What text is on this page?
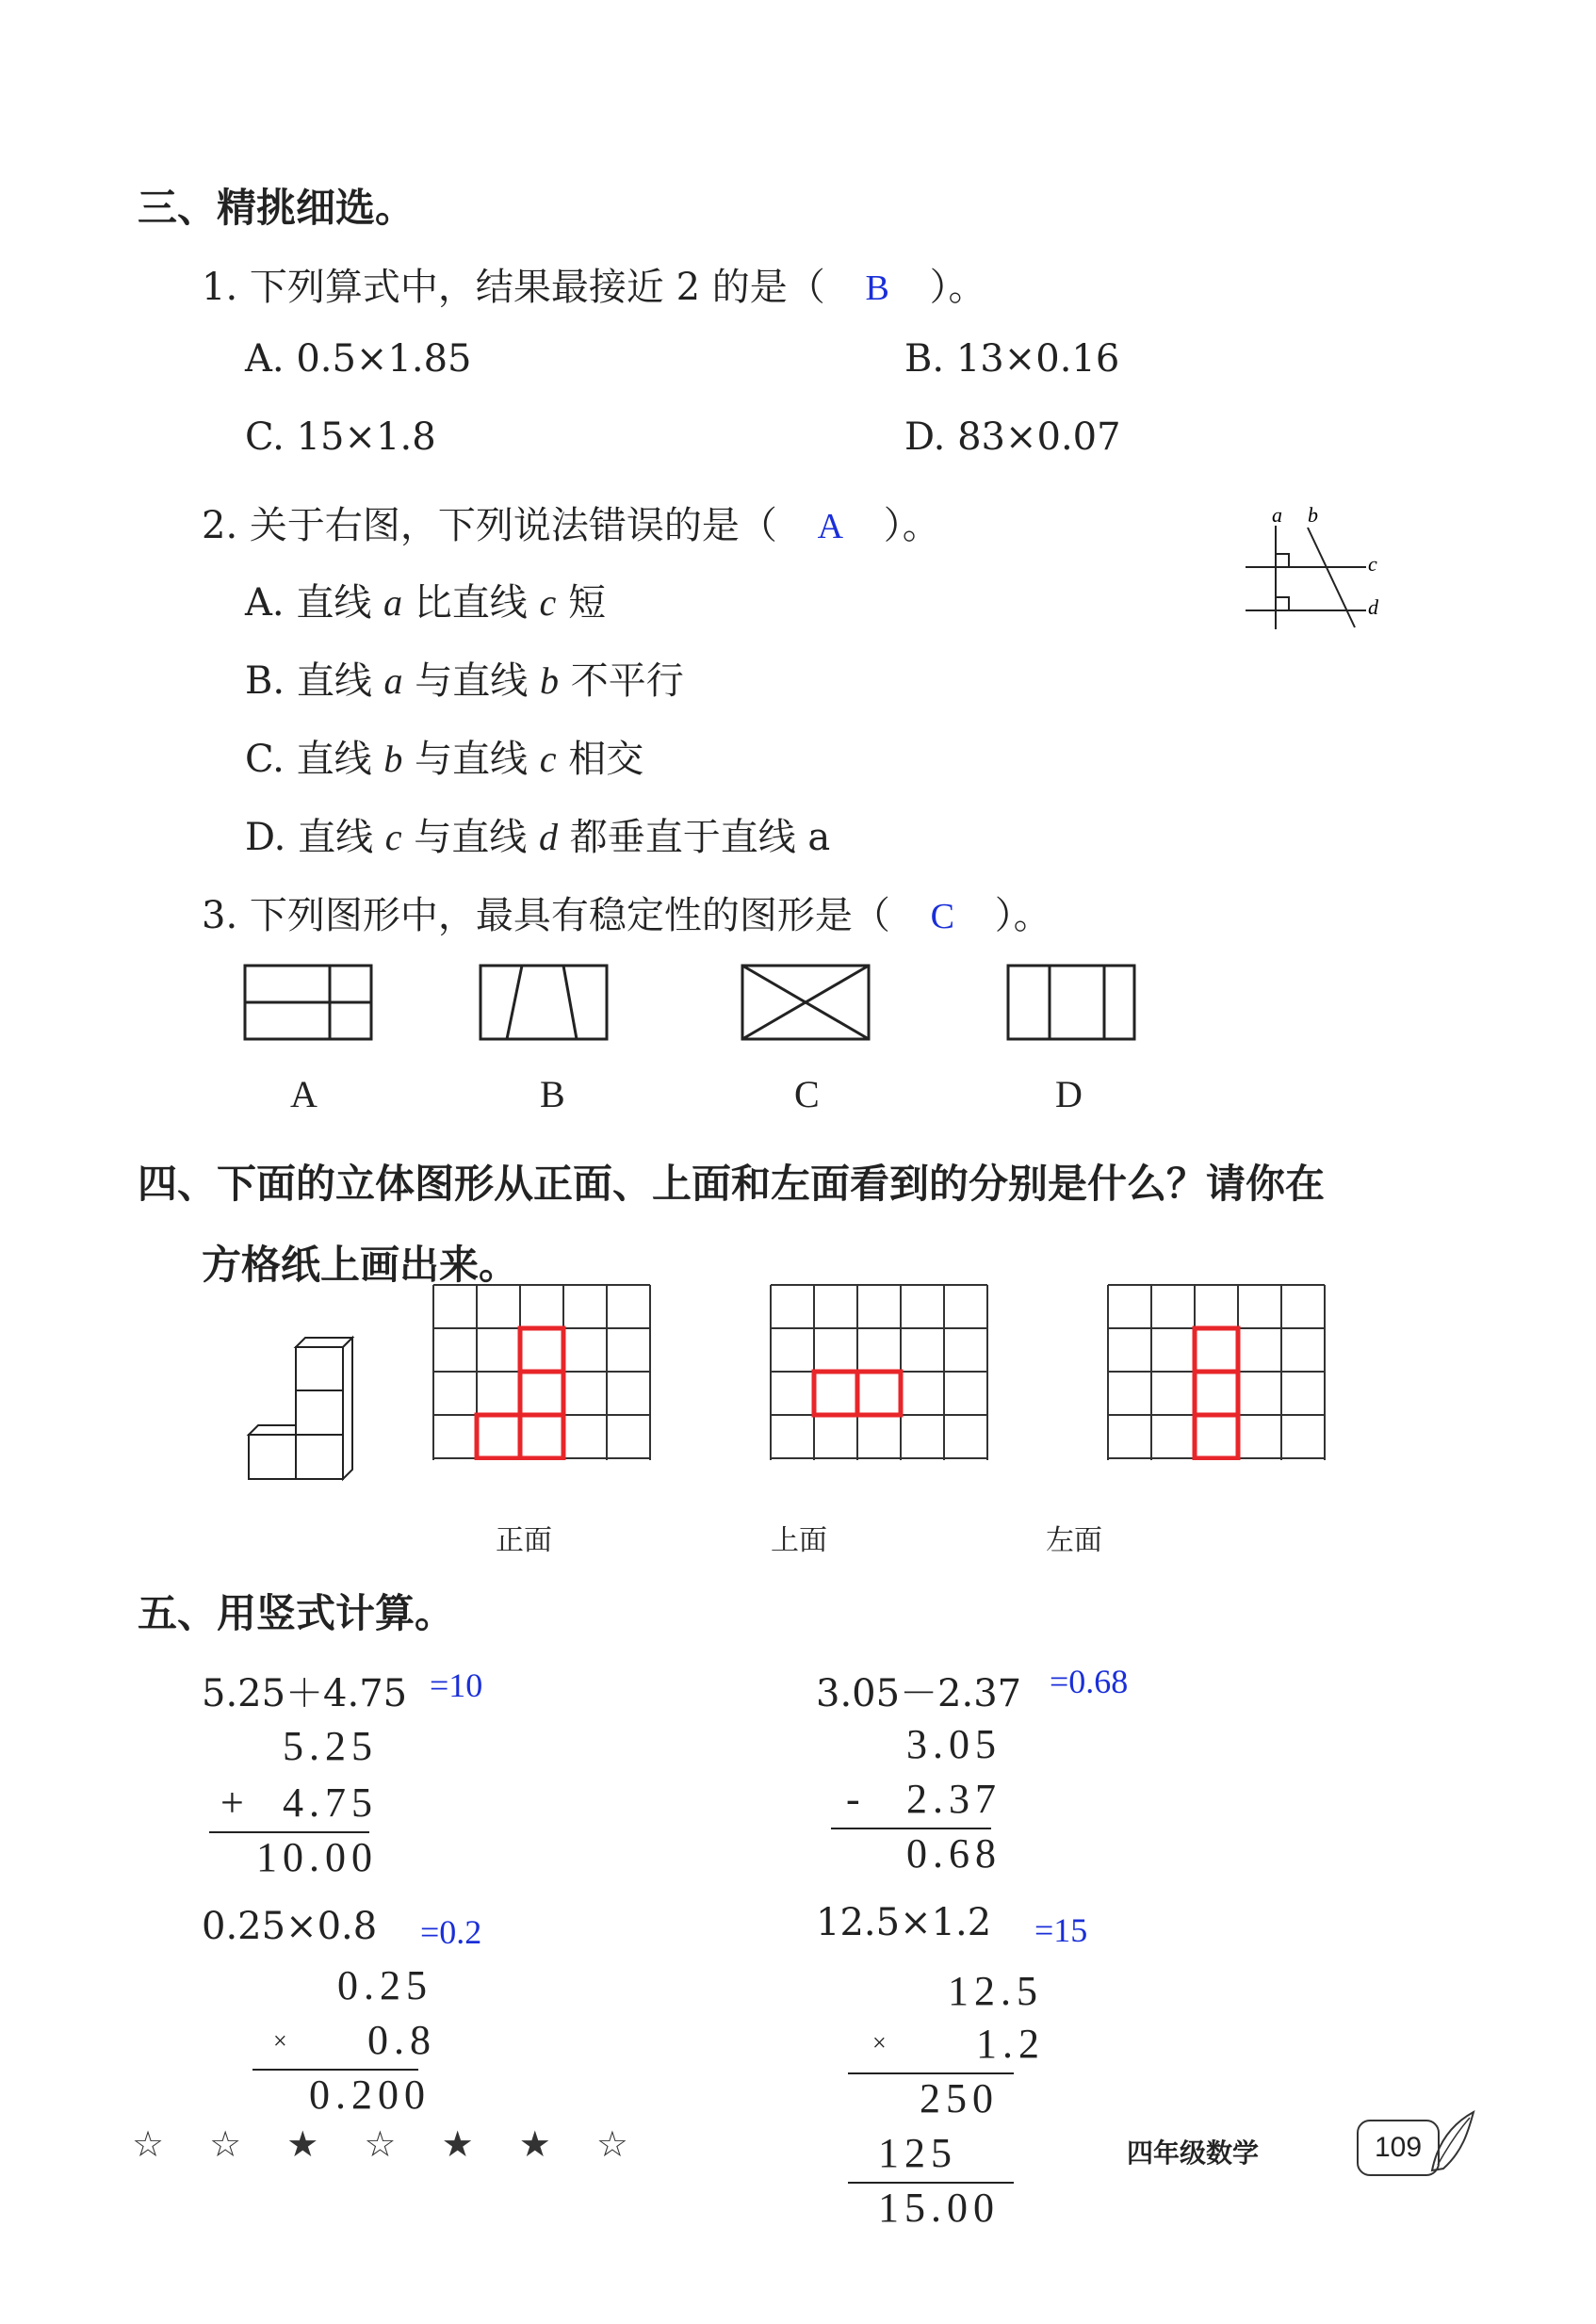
三、精挑细选。
1. 下列算式中，结果最接近 2 的是（ B ）。
A. 0.5×1.85	B. 13×0.16
C. 15×1.8	D. 83×0.07
2. 关于右图，下列说法错误的是（ A ）。
A. 直线 a 比直线 c 短
B. 直线 a 与直线 b 不平行
C. 直线 b 与直线 c 相交
D. 直线 c 与直线 d 都垂直于直线 a
a b
c
d
3. 下列图形中，最具有稳定性的图形是（ C ）。
A	B	C	D
四、下面的立体图形从正面、上面和左面看到的分别是什么？请你在
方格纸上画出来。
正面	上面	左面
五、用竖式计算。
5.25＋4.75 =10
5.25
+ 4.75
10.00
3.05－2.37 =0.68
3.05
- 2.37
0.68
0.25×0.8 =0.2
0.25
× 0.8
0.200
12.5×1.2 =15
12.5
× 1.2
250
125
15.00
☆ ☆ ★ ☆ ★ ★ ☆	四年级数学	109
